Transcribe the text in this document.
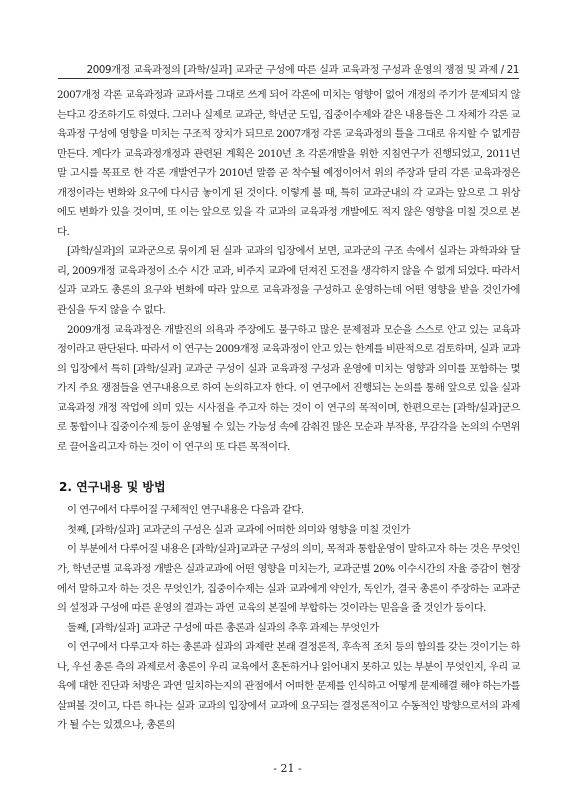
2009개정 교육과정의 [과학/실과] 교과군 구성에 따른 실과 교육과정 구성과 운영의 쟁점 및 과제 / 21

2007개정 각론 교육과정과 교과서를 그대로 쓰게 되어 각론에 미치는 영향이 없어 개정의 주기가 문제되지 않는다고 강조하기도 하였다. 그러나 실제로 교과군, 학년군 도입, 집중이수제와 같은 내용들은 그 자체가 각론 교육과정 구성에 영향을 미치는 구조적 장치가 되므로 2007개정 각론 교육과정의 틀을 그대로 유지할 수 없게끔 만든다. 게다가 교육과정개정과 관련된 계획은 2010년 초 각론개발을 위한 지침연구가 진행되었고, 2011년 말 고시를 목표로 한 각론 개발연구가 2010년 말쯤 곧 착수될 예정이어서 위의 주장과 달리 각론 교육과정은 개정이라는 변화와 요구에 다시금 놓이게 된 것이다. 이렇게 볼 때, 특히 교과군내의 각 교과는 앞으로 그 위상에도 변화가 있을 것이며, 또 이는 앞으로 있을 각 교과의 교육과정 개발에도 적지 않은 영향을 미칠 것으로 본다.

[과학/실과]의 교과군으로 묶이게 된 실과 교과의 입장에서 보면, 교과군의 구조 속에서 실과는 과학과와 달리, 2009개정 교육과정이 소수 시간 교과, 비주지 교과에 던져진 도전을 생각하지 않을 수 없게 되었다. 따라서 실과 교과도 총론의 요구와 변화에 따라 앞으로 교육과정을 구성하고 운영하는데 어떤 영향을 받을 것인가에 관심을 두지 않을 수 없다.

2009개정 교육과정은 개발진의 의욕과 주장에도 불구하고 많은 문제점과 모순을 스스로 안고 있는 교육과정이라고 판단된다. 따라서 이 연구는 2009개정 교육과정이 안고 있는 한계를 비판적으로 검토하며, 실과 교과의 입장에서 특히 [과학/실과] 교과군 구성이 실과 교육과정 구성과 운영에 미치는 영향과 의미를 포함하는 몇 가지 주요 쟁점들을 연구내용으로 하여 논의하고자 한다. 이 연구에서 진행되는 논의를 통해 앞으로 있을 실과 교육과정 개정 작업에 의미 있는 시사점을 주고자 하는 것이 이 연구의 목적이며, 한편으로는 [과학/실과]군으로 통합이나 집중이수제 등이 운영될 수 있는 가능성 속에 감춰진 많은 모순과 부작용, 무감각을 논의의 수면위로 끌어올리고자 하는 것이 이 연구의 또 다른 목적이다.

2. 연구내용 및 방법

이 연구에서 다루어질 구체적인 연구내용은 다음과 같다.

첫째, [과학/실과] 교과군의 구성은 실과 교과에 어떠한 의미와 영향을 미칠 것인가

이 부분에서 다루어질 내용은 [과학/실과]교과군 구성의 의미, 목적과 통합운영이 말하고자 하는 것은 무엇인가, 학년군별 교육과정 개발은 실과교과에 어떤 영향을 미치는가, 교과군별 20% 이수시간의 자율 증감이 현장에서 말하고자 하는 것은 무엇인가, 집중이수제는 실과 교과에게 약인가, 독인가, 결국 총론이 주장하는 교과군의 설정과 구성에 따른 운영의 결과는 과연 교육의 본질에 부합하는 것이라는 믿음을 줄 것인가 등이다.

둘째, [과학/실과] 교과군 구성에 따른 총론과 실과의 추후 과제는 무엇인가

이 연구에서 다루고자 하는 총론과 실과의 과제란 본래 결정론적, 후속적 조치 등의 함의를 갖는 것이기는 하나, 우선 총론 측의 과제로서 총론이 우리 교육에서 혼돈하거나 읽어내지 못하고 있는 부분이 무엇인지, 우리 교육에 대한 진단과 처방은 과연 일치하는지의 관점에서 어떠한 문제를 인식하고 어떻게 문제해결 해야 하는가를 살펴볼 것이고, 다른 하나는 실과 교과의 입장에서 교과에 요구되는 결정론적이고 수동적인 방향으로서의 과제가 될 수는 있겠으나, 총론의

- 21 -
